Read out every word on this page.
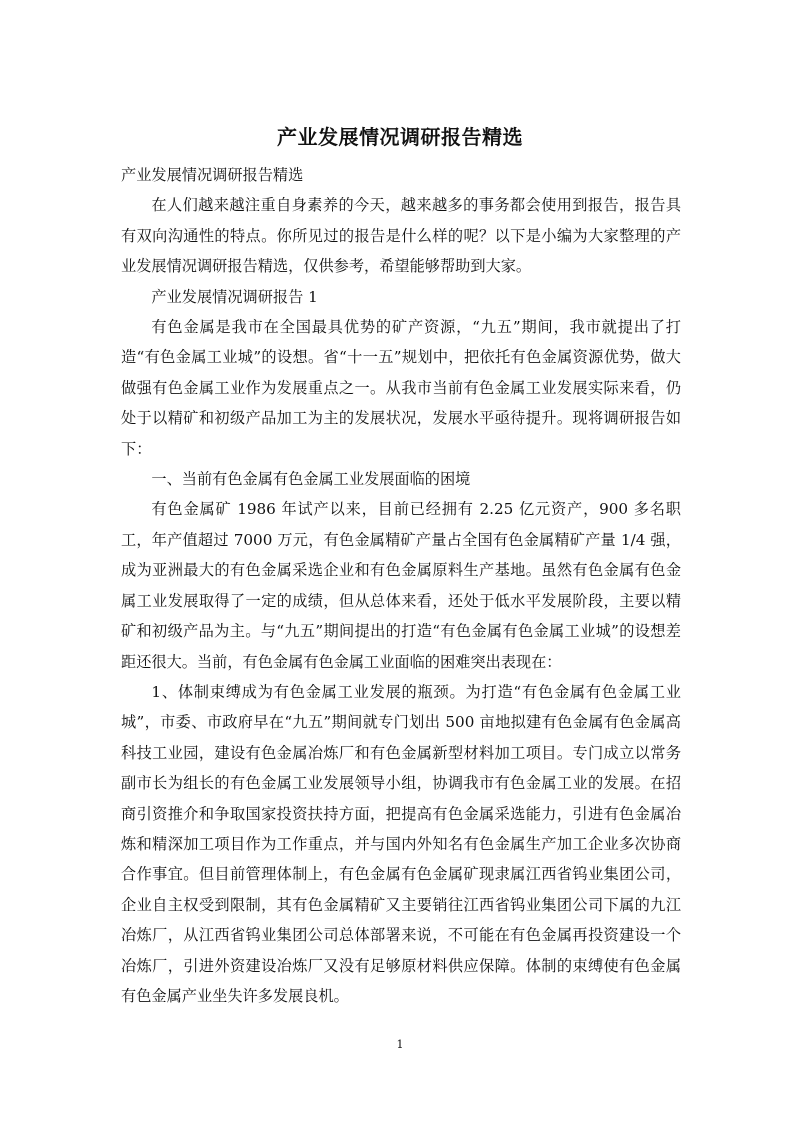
产业发展情况调研报告精选

产业发展情况调研报告精选

在人们越来越注重自身素养的今天，越来越多的事务都会使用到报告，报告具有双向沟通性的特点。你所见过的报告是什么样的呢？以下是小编为大家整理的产业发展情况调研报告精选，仅供参考，希望能够帮助到大家。

产业发展情况调研报告 1

有色金属是我市在全国最具优势的矿产资源，“九五”期间，我市就提出了打造“有色金属工业城”的设想。省“十一五”规划中，把依托有色金属资源优势，做大做强有色金属工业作为发展重点之一。从我市当前有色金属工业发展实际来看，仍处于以精矿和初级产品加工为主的发展状况，发展水平亟待提升。现将调研报告如下：

一、当前有色金属有色金属工业发展面临的困境

有色金属矿 1986 年试产以来，目前已经拥有 2.25 亿元资产，900 多名职工，年产值超过 7000 万元，有色金属精矿产量占全国有色金属精矿产量 1/4 强，成为亚洲最大的有色金属采选企业和有色金属原料生产基地。虽然有色金属有色金属工业发展取得了一定的成绩，但从总体来看，还处于低水平发展阶段，主要以精矿和初级产品为主。与“九五”期间提出的打造“有色金属有色金属工业城”的设想差距还很大。当前，有色金属有色金属工业面临的困难突出表现在：

1、体制束缚成为有色金属工业发展的瓶颈。为打造“有色金属有色金属工业城”，市委、市政府早在“九五”期间就专门划出 500 亩地拟建有色金属有色金属高科技工业园，建设有色金属冶炼厂和有色金属新型材料加工项目。专门成立以常务副市长为组长的有色金属工业发展领导小组，协调我市有色金属工业的发展。在招商引资推介和争取国家投资扶持方面，把提高有色金属采选能力，引进有色金属冶炼和精深加工项目作为工作重点，并与国内外知名有色金属生产加工企业多次协商合作事宜。但目前管理体制上，有色金属有色金属矿现隶属江西省钨业集团公司，企业自主权受到限制，其有色金属精矿又主要销往江西省钨业集团公司下属的九江冶炼厂，从江西省钨业集团公司总体部署来说，不可能在有色金属再投资建设一个冶炼厂，引进外资建设冶炼厂又没有足够原材料供应保障。体制的束缚使有色金属有色金属产业坐失许多发展良机。

1
